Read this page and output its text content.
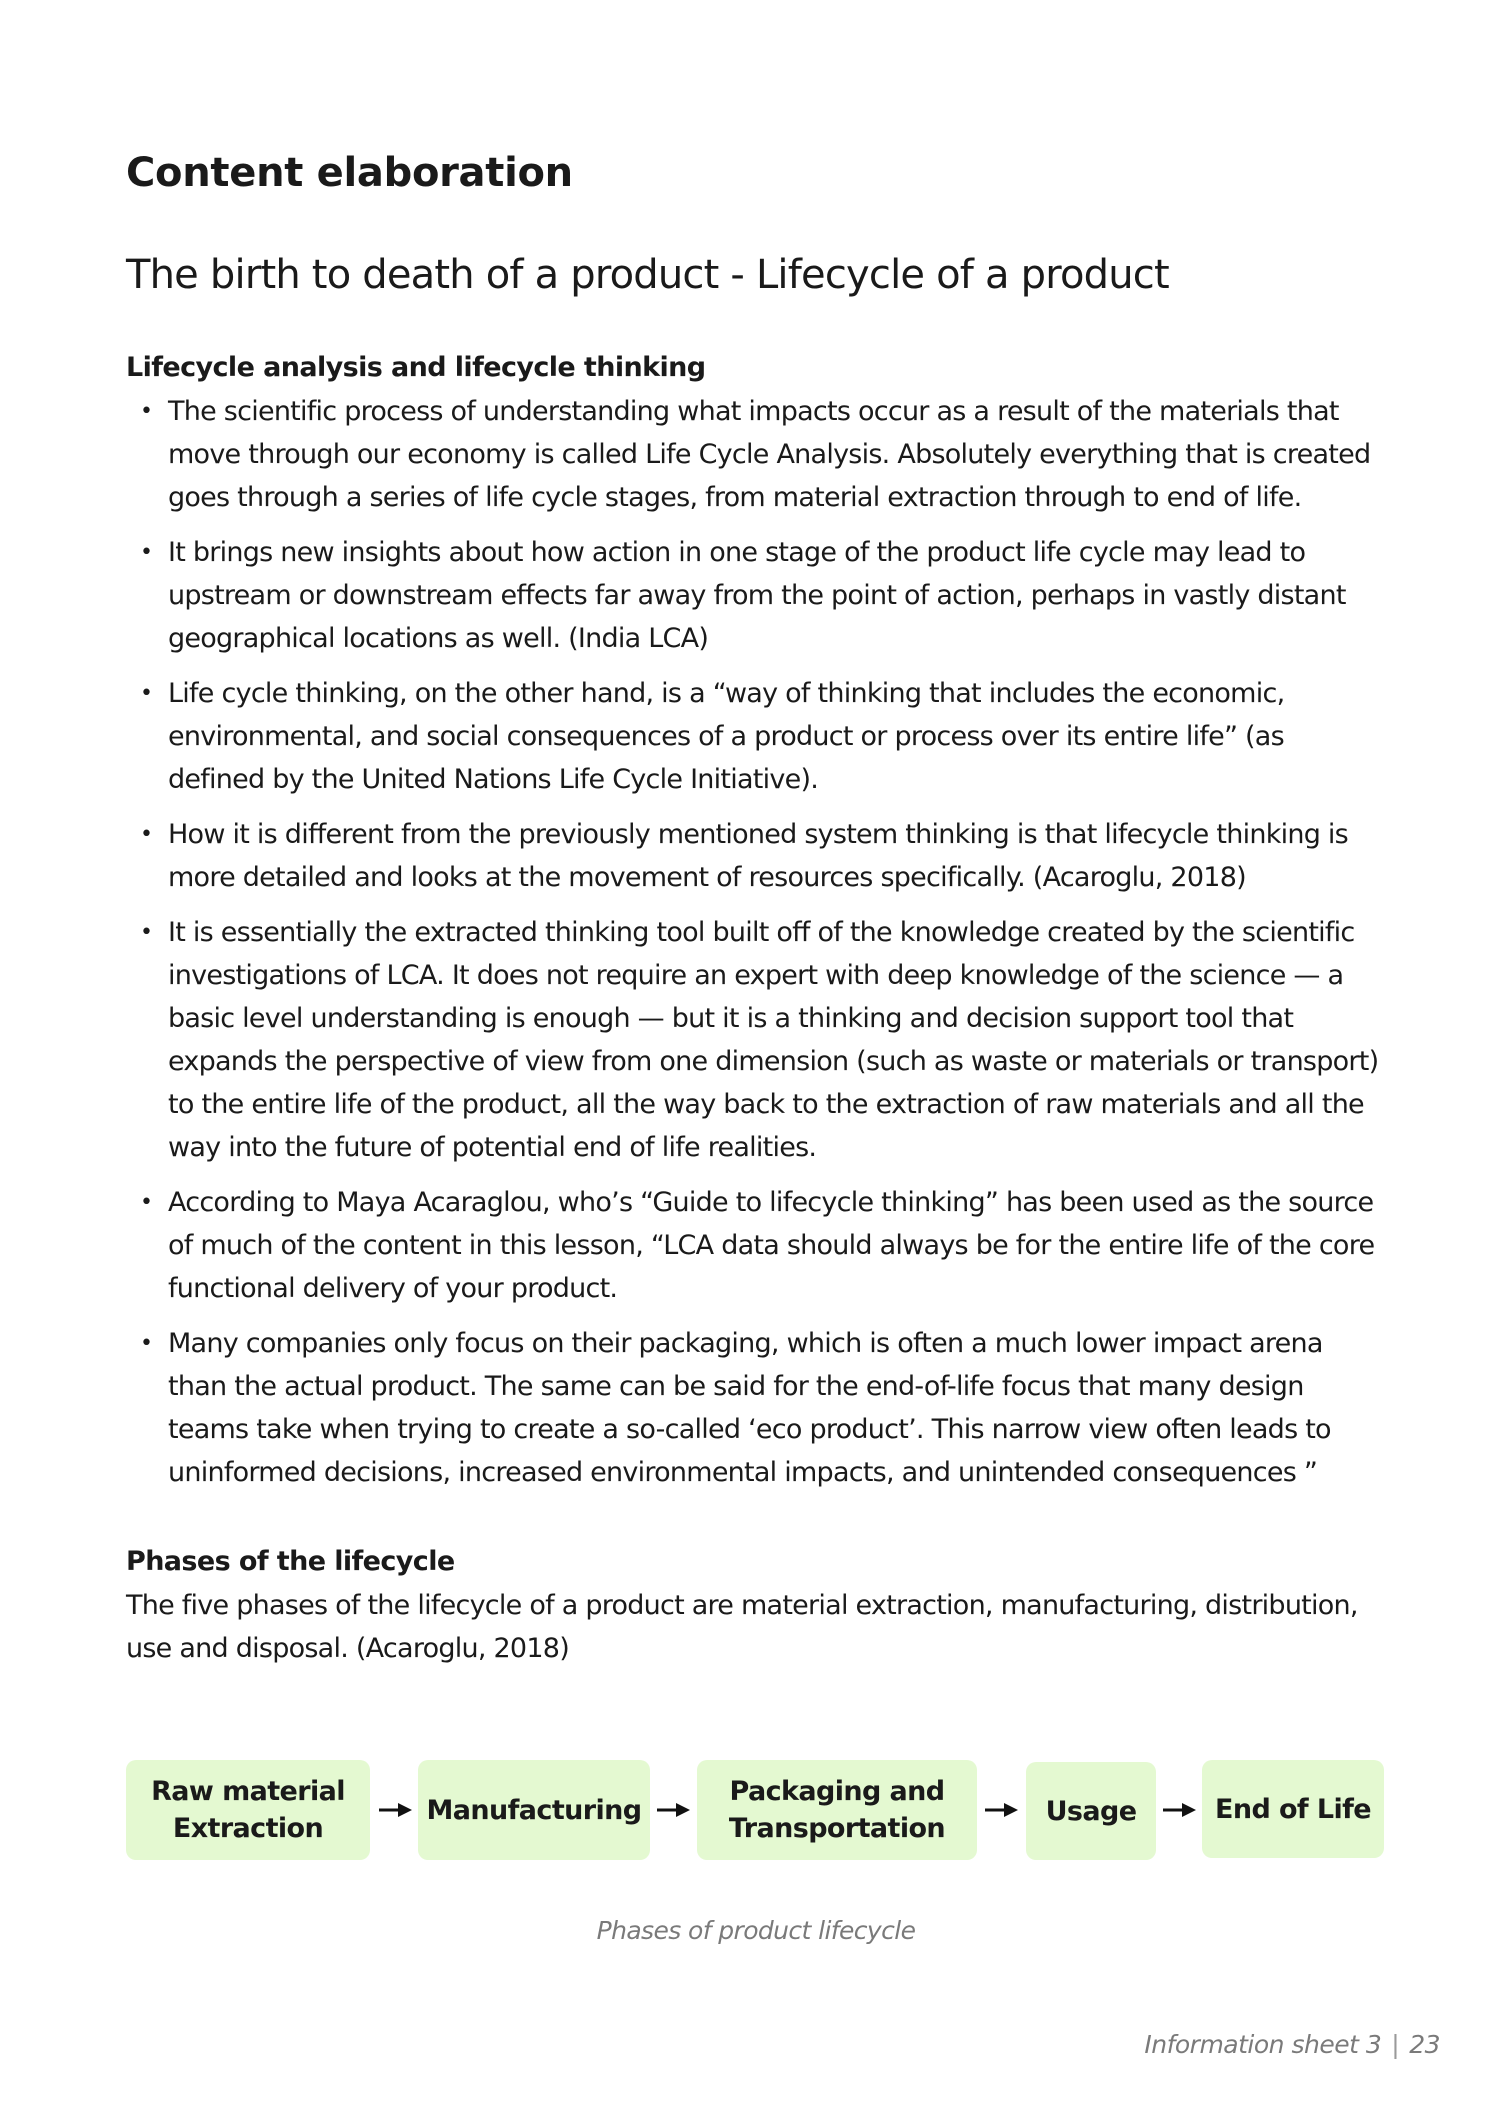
Content elaboration
The birth to death of a product - Lifecycle of a product
Lifecycle analysis and lifecycle thinking
• The scientific process of understanding what impacts occur as a result of the materials that move through our economy is called Life Cycle Analysis. Absolutely everything that is created goes through a series of life cycle stages, from material extraction through to end of life.
• It brings new insights about how action in one stage of the product life cycle may lead to upstream or downstream effects far away from the point of action, perhaps in vastly distant geographical locations as well. (India LCA)
• Life cycle thinking, on the other hand, is a “way of thinking that includes the economic, environmental, and social consequences of a product or process over its entire life” (as defined by the United Nations Life Cycle Initiative).
• How it is different from the previously mentioned system thinking is that lifecycle thinking is more detailed and looks at the movement of resources specifically. (Acaroglu, 2018)
• It is essentially the extracted thinking tool built off of the knowledge created by the scientific investigations of LCA. It does not require an expert with deep knowledge of the science — a basic level understanding is enough — but it is a thinking and decision support tool that expands the perspective of view from one dimension (such as waste or materials or transport) to the entire life of the product, all the way back to the extraction of raw materials and all the way into the future of potential end of life realities.
• According to Maya Acaraglou, who’s “Guide to lifecycle thinking” has been used as the source of much of the content in this lesson, “LCA data should always be for the entire life of the core functional delivery of your product.
• Many companies only focus on their packaging, which is often a much lower impact arena than the actual product. The same can be said for the end-of-life focus that many design teams take when trying to create a so-called ‘eco product’. This narrow view often leads to uninformed decisions, increased environmental impacts, and unintended consequences ”
Phases of the lifecycle

The five phases of the lifecycle of a product are material extraction, manufacturing, distribution, use and disposal. (Acaroglu, 2018)

Raw material
Extraction
Manufacturing
Packaging and
Transportation
Usage	End of Life
Phases of product lifecycle
Information sheet 3 | 23
